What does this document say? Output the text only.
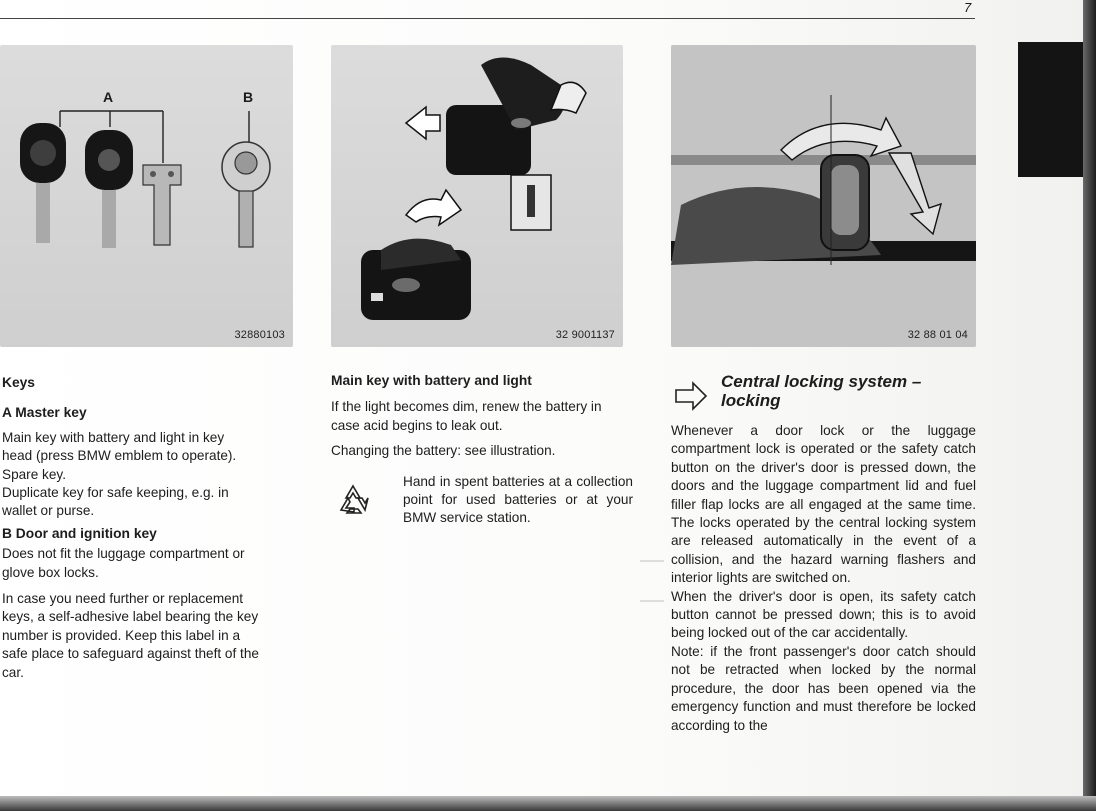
7
A	B
32880103	32 9001137	32 88 01 04
Keys
A Master key
Main key with battery and light in key
head (press BMW emblem to operate).
Spare key.
Duplicate key for safe keeping, e.g. in
wallet or purse.
B Door and ignition key
Does not fit the luggage compartment or
glove box locks.
In case you need further or replacement
keys, a self-adhesive label bearing the key
number is provided. Keep this label in a
safe place to safeguard against theft of the
car.
Main key with battery and light

If the light becomes dim, renew the battery in case acid begins to leak out.

Changing the battery: see illustration.

Hand in spent batteries at a collection point for used batteries or at your BMW service station.
Central locking system –
locking
Whenever a door lock or the luggage compartment lock is operated or the safety catch button on the driver's door is pressed down, the doors and the luggage compartment lid and fuel filler flap locks are all engaged at the same time. The locks operated by the central locking system are released automatically in the event of a collision, and the hazard warning flashers and interior lights are switched on.
When the driver's door is open, its safety catch button cannot be pressed down; this is to avoid being locked out of the car accidentally.
Note: if the front passenger's door catch should not be retracted when locked by the normal procedure, the door has been opened via the emergency function and must therefore be locked according to the
